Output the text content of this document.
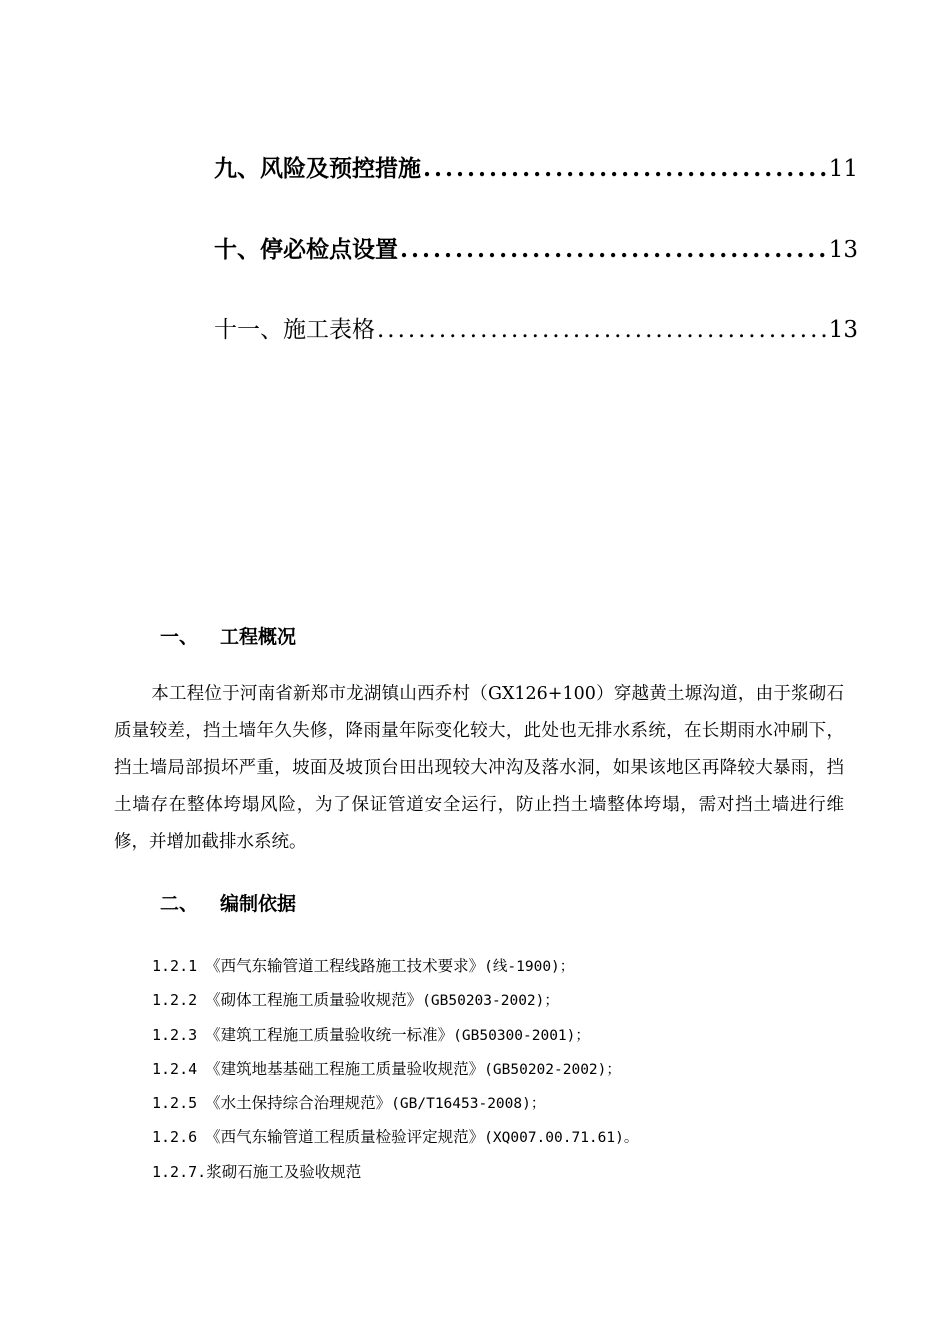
九、风险及预控措施 .....	11
十、停必检点设置 .....	13
十一、施工表格 .....	13
一、 工程概况
本工程位于河南省新郑市龙湖镇山西乔村（GX126+100）穿越黄土塬沟道，由于浆砌石质量较差，挡土墙年久失修，降雨量年际变化较大，此处也无排水系统，在长期雨水冲刷下，挡土墙局部损坏严重，坡面及坡顶台田出现较大冲沟及落水洞，如果该地区再降较大暴雨，挡土墙存在整体垮塌风险，为了保证管道安全运行，防止挡土墙整体垮塌，需对挡土墙进行维修，并增加截排水系统。
二、 编制依据
1.2.1 《西气东输管道工程线路施工技术要求》(线-1900)；
1.2.2 《砌体工程施工质量验收规范》(GB50203-2002)；
1.2.3 《建筑工程施工质量验收统一标准》(GB50300-2001)；
1.2.4 《建筑地基基础工程施工质量验收规范》(GB50202-2002)；
1.2.5 《水土保持综合治理规范》(GB/T16453-2008)；
1.2.6 《西气东输管道工程质量检验评定规范》(XQ007.00.71.61)。
1.2.7.浆砌石施工及验收规范
